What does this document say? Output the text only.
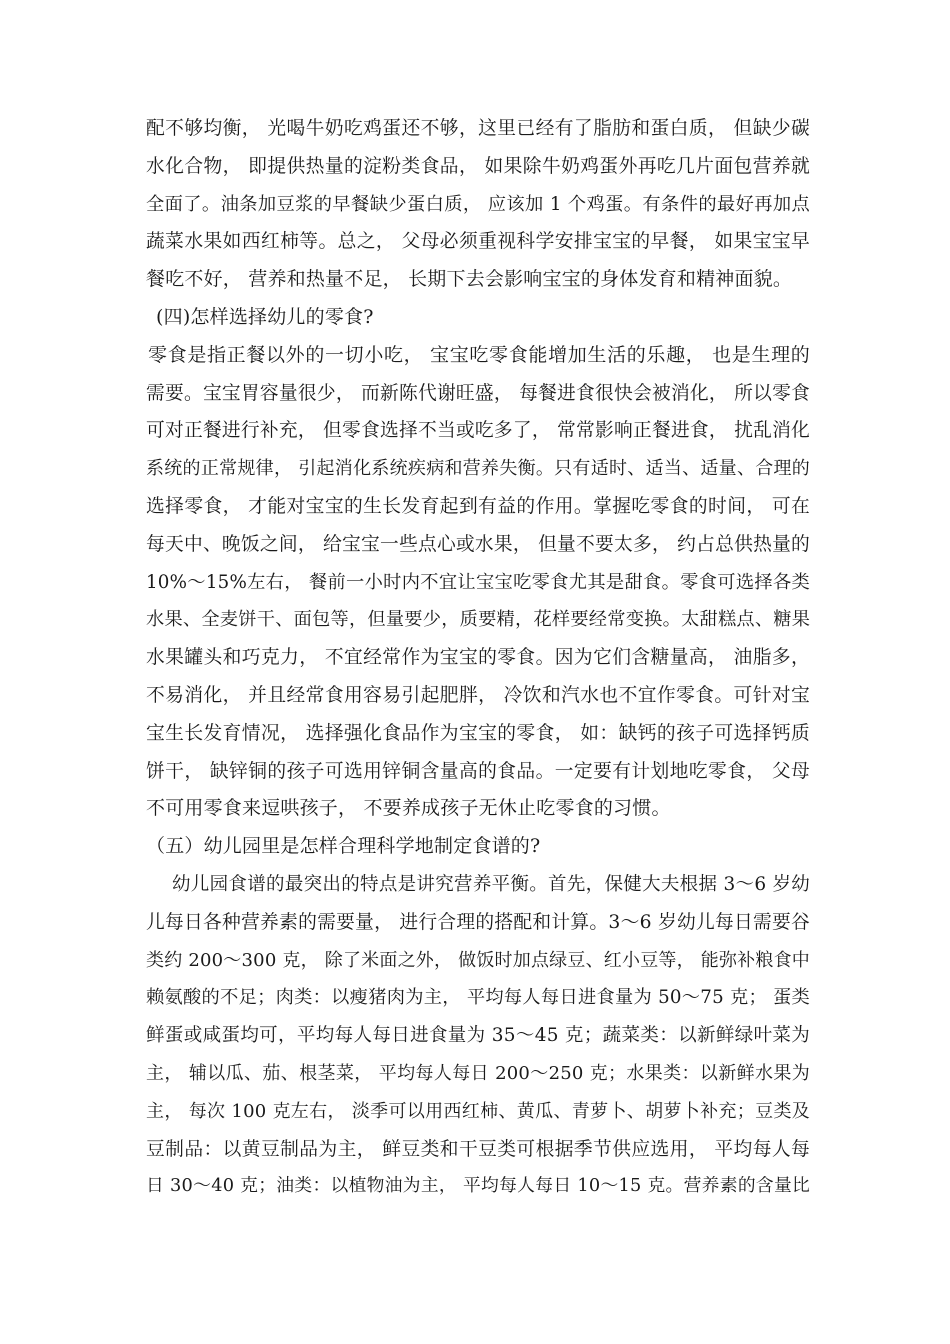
配不够均衡， 光喝牛奶吃鸡蛋还不够，这里已经有了脂肪和蛋白质， 但缺少碳
水化合物， 即提供热量的淀粉类食品， 如果除牛奶鸡蛋外再吃几片面包营养就
全面了。油条加豆浆的早餐缺少蛋白质， 应该加 1 个鸡蛋。有条件的最好再加点
蔬菜水果如西红柿等。总之， 父母必须重视科学安排宝宝的早餐， 如果宝宝早
餐吃不好， 营养和热量不足， 长期下去会影响宝宝的身体发育和精神面貌。
(四)怎样选择幼儿的零食?
零食是指正餐以外的一切小吃， 宝宝吃零食能增加生活的乐趣， 也是生理的
需要。宝宝胃容量很少， 而新陈代谢旺盛， 每餐进食很快会被消化， 所以零食
可对正餐进行补充， 但零食选择不当或吃多了， 常常影响正餐进食， 扰乱消化
系统的正常规律， 引起消化系统疾病和营养失衡。只有适时、适当、适量、合理的
选择零食， 才能对宝宝的生长发育起到有益的作用。掌握吃零食的时间， 可在
每天中、晚饭之间， 给宝宝一些点心或水果， 但量不要太多， 约占总供热量的
10%～15%左右， 餐前一小时内不宜让宝宝吃零食尤其是甜食。零食可选择各类
水果、全麦饼干、面包等，但量要少，质要精，花样要经常变换。太甜糕点、糖果
水果罐头和巧克力， 不宜经常作为宝宝的零食。因为它们含糖量高， 油脂多，
不易消化， 并且经常食用容易引起肥胖， 冷饮和汽水也不宜作零食。可针对宝
宝生长发育情况， 选择强化食品作为宝宝的零食， 如：缺钙的孩子可选择钙质
饼干， 缺锌铜的孩子可选用锌铜含量高的食品。一定要有计划地吃零食， 父母
不可用零食来逗哄孩子， 不要养成孩子无休止吃零食的习惯。
（五）幼儿园里是怎样合理科学地制定食谱的?
幼儿园食谱的最突出的特点是讲究营养平衡。首先，保健大夫根据 3～6 岁幼
儿每日各种营养素的需要量， 进行合理的搭配和计算。3～6 岁幼儿每日需要谷
类约 200～300 克， 除了米面之外， 做饭时加点绿豆、红小豆等， 能弥补粮食中
赖氨酸的不足；肉类：以瘦猪肉为主， 平均每人每日进食量为 50～75 克； 蛋类
鲜蛋或咸蛋均可，平均每人每日进食量为 35～45 克；蔬菜类：以新鲜绿叶菜为
主， 辅以瓜、茄、根茎菜， 平均每人每日 200～250 克；水果类：以新鲜水果为
主， 每次 100 克左右， 淡季可以用西红柿、黄瓜、青萝卜、胡萝卜补充；豆类及
豆制品：以黄豆制品为主， 鲜豆类和干豆类可根据季节供应选用， 平均每人每
日 30～40 克；油类：以植物油为主， 平均每人每日 10～15 克。营养素的含量比
